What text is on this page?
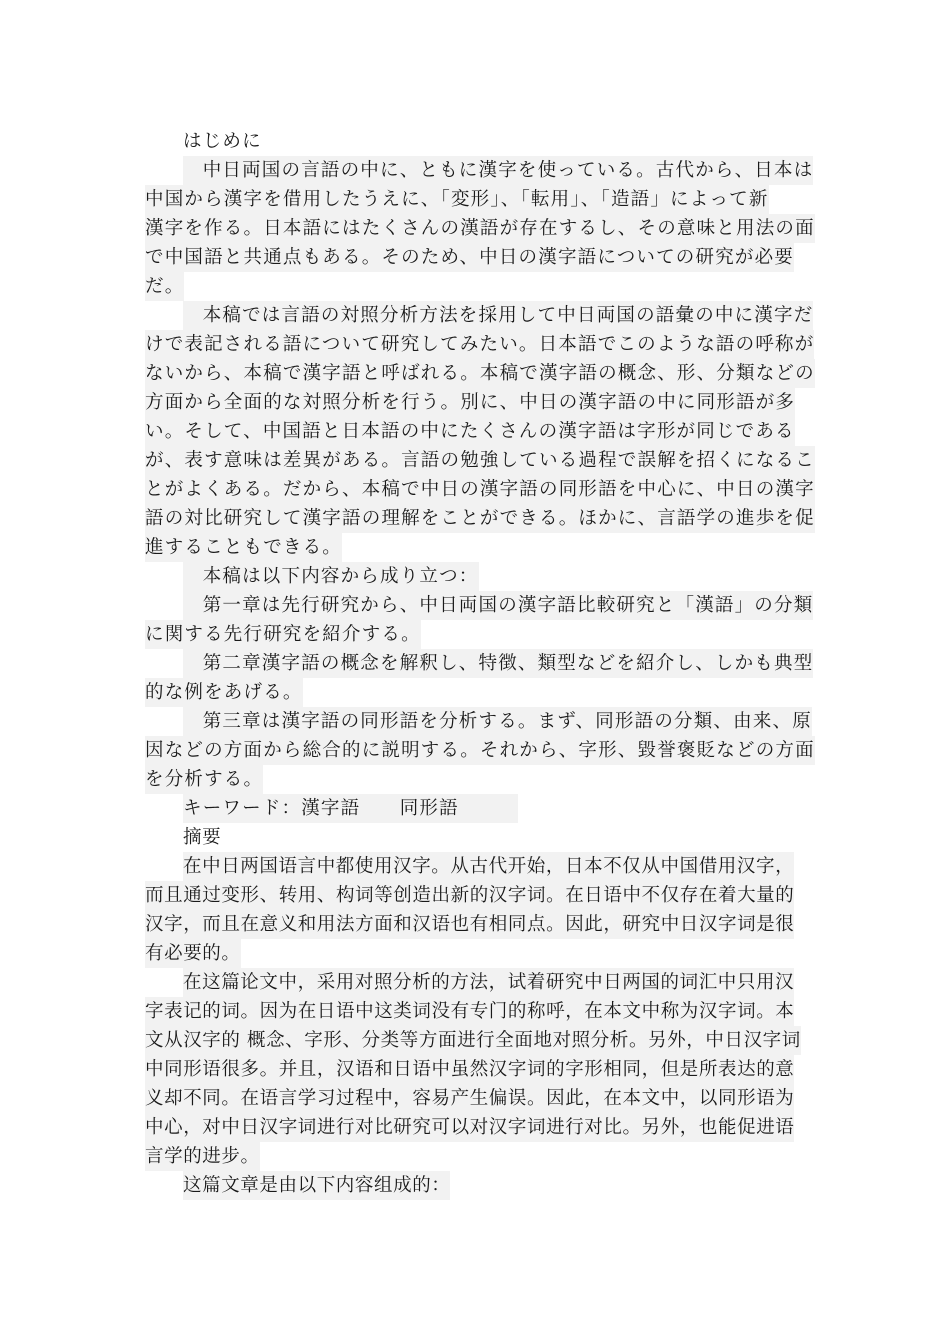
はじめに
　中日両国の言語の中に、ともに漢字を使っている。古代から、日本は
中国から漢字を借用したうえに、「変形」、「転用」、「造語」によって新
漢字を作る。日本語にはたくさんの漢語が存在するし、その意味と用法の面
で中国語と共通点もある。そのため、中日の漢字語についての研究が必要
だ。
　本稿では言語の対照分析方法を採用して中日両国の語彙の中に漢字だ
けで表記される語について研究してみたい。日本語でこのような語の呼称が
ないから、本稿で漢字語と呼ばれる。本稿で漢字語の概念、形、分類などの
方面から全面的な対照分析を行う。別に、中日の漢字語の中に同形語が多
い。そして、中国語と日本語の中にたくさんの漢字語は字形が同じである
が、表す意味は差異がある。言語の勉強している過程で誤解を招くになるこ
とがよくある。だから、本稿で中日の漢字語の同形語を中心に、中日の漢字
語の対比研究して漢字語の理解をことができる。ほかに、言語学の進歩を促
進することもできる。
　本稿は以下内容から成り立つ：
　第一章は先行研究から、中日両国の漢字語比較研究と「漢語」の分類
に関する先行研究を紹介する。
　第二章漢字語の概念を解釈し、特徴、類型などを紹介し、しかも典型
的な例をあげる。
　第三章は漢字語の同形語を分析する。まず、同形語の分類、由来、原
因などの方面から総合的に説明する。それから、字形、毀誉褒貶などの方面
を分析する。
キーワード：漢字語　　同形語　　　
摘要
在中日两国语言中都使用汉字。从古代开始，日本不仅从中国借用汉字，
而且通过变形、转用、构词等创造出新的汉字词。在日语中不仅存在着大量的
汉字，而且在意义和用法方面和汉语也有相同点。因此，研究中日汉字词是很
有必要的。
在这篇论文中，采用对照分析的方法，试着研究中日两国的词汇中只用汉
字表记的词。因为在日语中这类词没有专门的称呼，在本文中称为汉字词。本
文从汉字的 概念、字形、分类等方面进行全面地对照分析。另外，中日汉字词
中同形语很多。并且，汉语和日语中虽然汉字词的字形相同，但是所表达的意
义却不同。在语言学习过程中，容易产生偏误。因此，在本文中，以同形语为
中心，对中日汉字词进行对比研究可以对汉字词进行对比。另外，也能促进语
言学的进步。
这篇文章是由以下内容组成的：
